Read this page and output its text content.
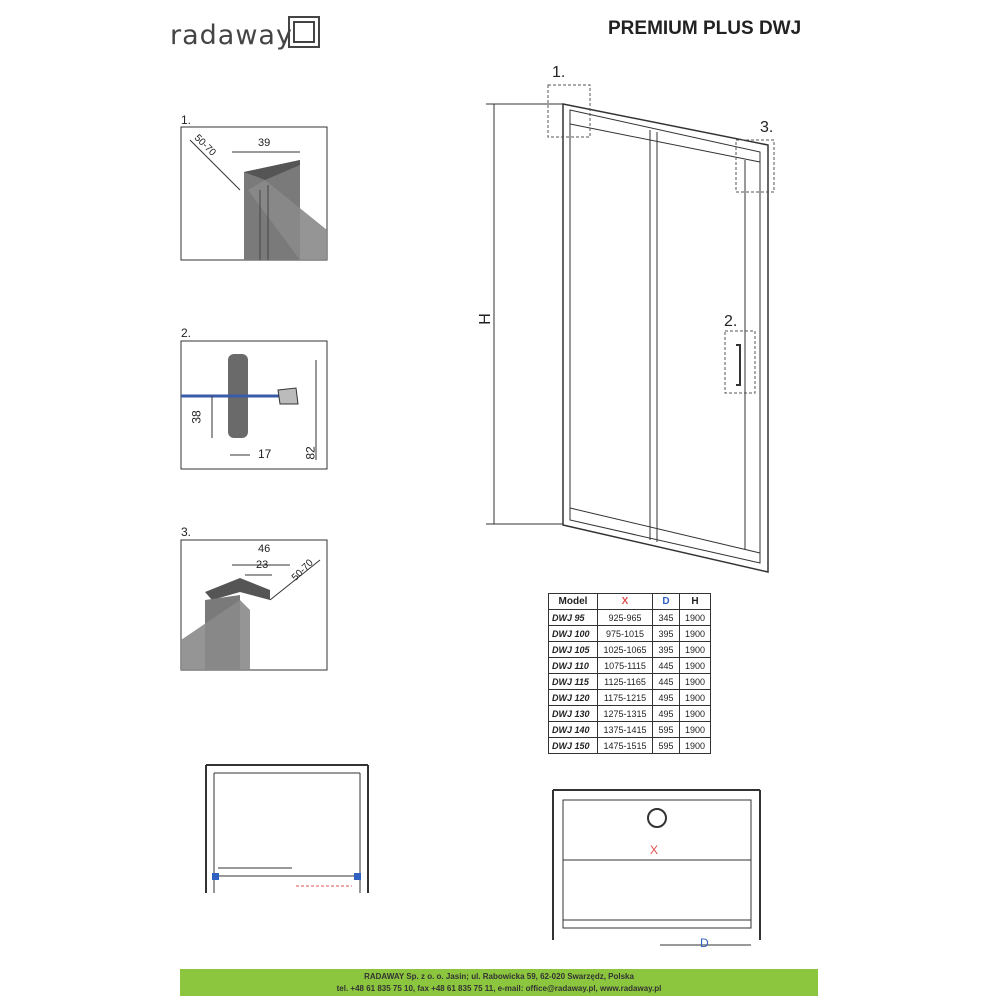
radaway	PREMIUM PLUS DWJ
1.
50-70	39
2.
38
17	82
3.
46
23 50-70
1.
3.
2.
H
X
D
Model	X	D	H
DWJ 95	925-965	345	1900
DWJ 100	975-1015	395	1900
DWJ 105	1025-1065	395	1900
DWJ 110	1075-1115	445	1900
DWJ 115	1125-1165	445	1900
DWJ 120	1175-1215	495	1900
DWJ 130	1275-1315	495	1900
DWJ 140	1375-1415	595	1900
DWJ 150	1475-1515	595	1900
RADAWAY Sp. z o. o. Jasin; ul. Rabowicka 59, 62-020 Swarzędz, Polska
tel. +48 61 835 75 10, fax +48 61 835 75 11, e-mail: office@radaway.pl, www.radaway.pl
